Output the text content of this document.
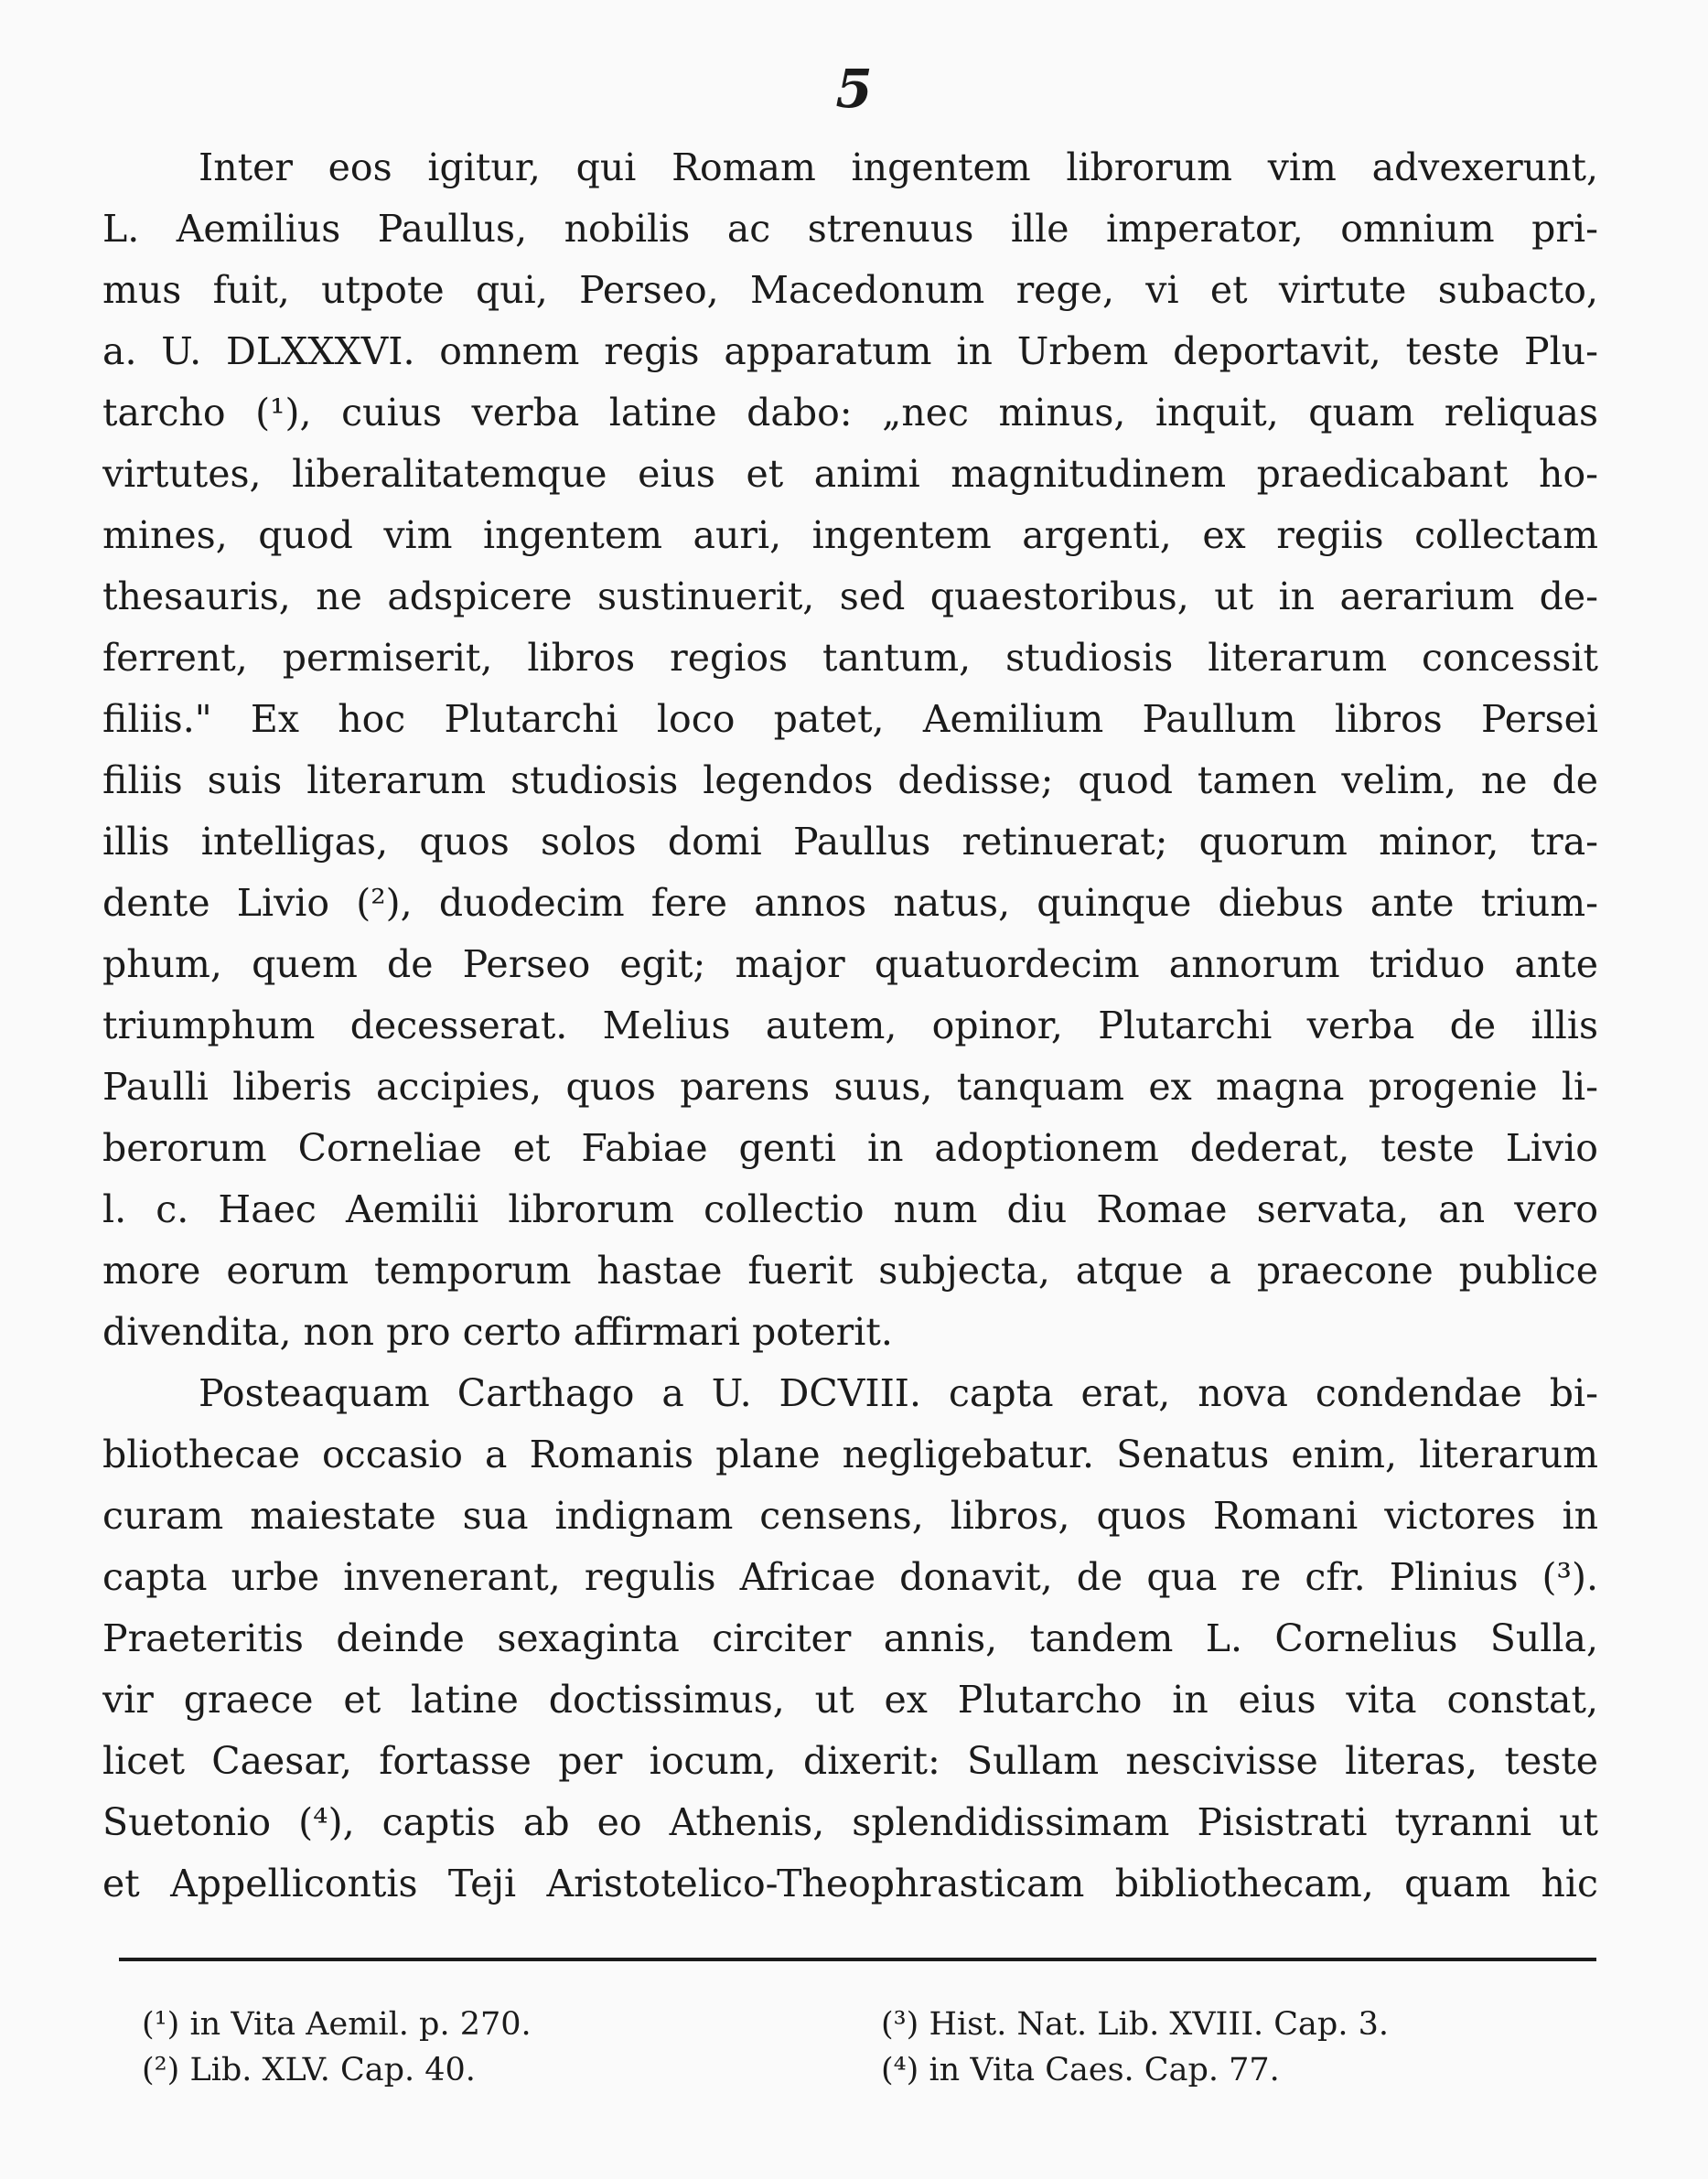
5
Inter eos igitur, qui Romam ingentem librorum vim advexerunt,
L. Aemilius Paullus, nobilis ac strenuus ille imperator, omnium pri-
mus fuit, utpote qui, Perseo, Macedonum rege, vi et virtute subacto,
a. U. DLXXXVI. omnem regis apparatum in Urbem deportavit, teste Plu-
tarcho (¹), cuius verba latine dabo: „nec minus, inquit, quam reliquas
virtutes, liberalitatemque eius et animi magnitudinem praedicabant ho-
mines, quod vim ingentem auri, ingentem argenti, ex regiis collectam
thesauris, ne adspicere sustinuerit, sed quaestoribus, ut in aerarium de-
ferrent, permiserit, libros regios tantum, studiosis literarum concessit
filiis." Ex hoc Plutarchi loco patet, Aemilium Paullum libros Persei
filiis suis literarum studiosis legendos dedisse; quod tamen velim, ne de
illis intelligas, quos solos domi Paullus retinuerat; quorum minor, tra-
dente Livio (²), duodecim fere annos natus, quinque diebus ante trium-
phum, quem de Perseo egit; major quatuordecim annorum triduo ante
triumphum decesserat. Melius autem, opinor, Plutarchi verba de illis
Paulli liberis accipies, quos parens suus, tanquam ex magna progenie li-
berorum Corneliae et Fabiae genti in adoptionem dederat, teste Livio
l. c. Haec Aemilii librorum collectio num diu Romae servata, an vero
more eorum temporum hastae fuerit subjecta, atque a praecone publice
divendita, non pro certo affirmari poterit.
Posteaquam Carthago a U. DCVIII. capta erat, nova condendae bi-
bliothecae occasio a Romanis plane negligebatur. Senatus enim, literarum
curam maiestate sua indignam censens, libros, quos Romani victores in
capta urbe invenerant, regulis Africae donavit, de qua re cfr. Plinius (³).
Praeteritis deinde sexaginta circiter annis, tandem L. Cornelius Sulla,
vir graece et latine doctissimus, ut ex Plutarcho in eius vita constat,
licet Caesar, fortasse per iocum, dixerit: Sullam nescivisse literas, teste
Suetonio (⁴), captis ab eo Athenis, splendidissimam Pisistrati tyranni ut
et Appellicontis Teji Aristotelico-Theophrasticam bibliothecam, quam hic
(¹) in Vita Aemil. p. 270.
(²) Lib. XLV. Cap. 40.
(³) Hist. Nat. Lib. XVIII. Cap. 3.
(⁴) in Vita Caes. Cap. 77.
